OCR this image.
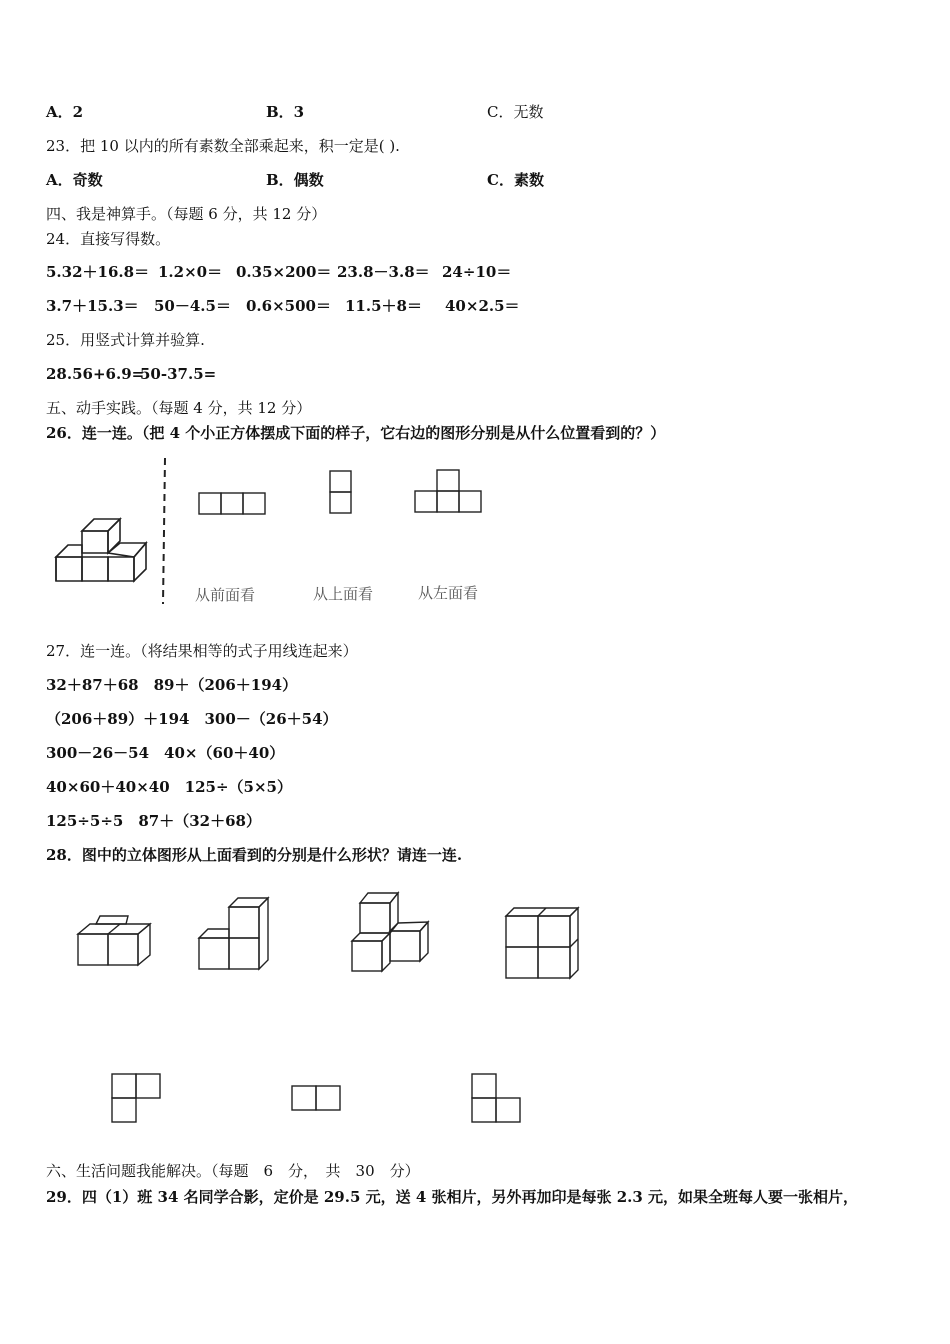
A．2	B．3	C．无数
23．把 10 以内的所有素数全部乘起来，积一定是( ).
A．奇数	B．偶数	C．素数
四、我是神算手。（每题 6 分，共 12 分）
24．直接写得数。
5.32＋16.8＝ 1.2×0＝ 0.35×200＝ 23.8－3.8＝ 24÷10＝
3.7＋15.3＝ 50－4.5＝ 0.6×500＝ 11.5＋8＝ 40×2.5＝
25．用竖式计算并验算.
28.56+6.9=
50-37.5=
五、动手实践。（每题 4 分，共 12 分）
26．连一连。（把 4 个小正方体摆成下面的样子，它右边的图形分别是从什么位置看到的？）
从前面看	从上面看	从左面看
27．连一连。（将结果相等的式子用线连起来）
32＋87＋68　89＋（206＋194）
（206＋89）＋194　300－（26＋54）
300－26－54　40×（60＋40）
40×60＋40×40　125÷（5×5）
125÷5÷5　87＋（32＋68）
28．图中的立体图形从上面看到的分别是什么形状？请连一连.
六、生活问题我能解决。（每题　6　分，　共　30　分）
29．四（1）班 34 名同学合影，定价是 29.5 元，送 4 张相片，另外再加印是每张 2.3 元，如果全班每人要一张相片，
